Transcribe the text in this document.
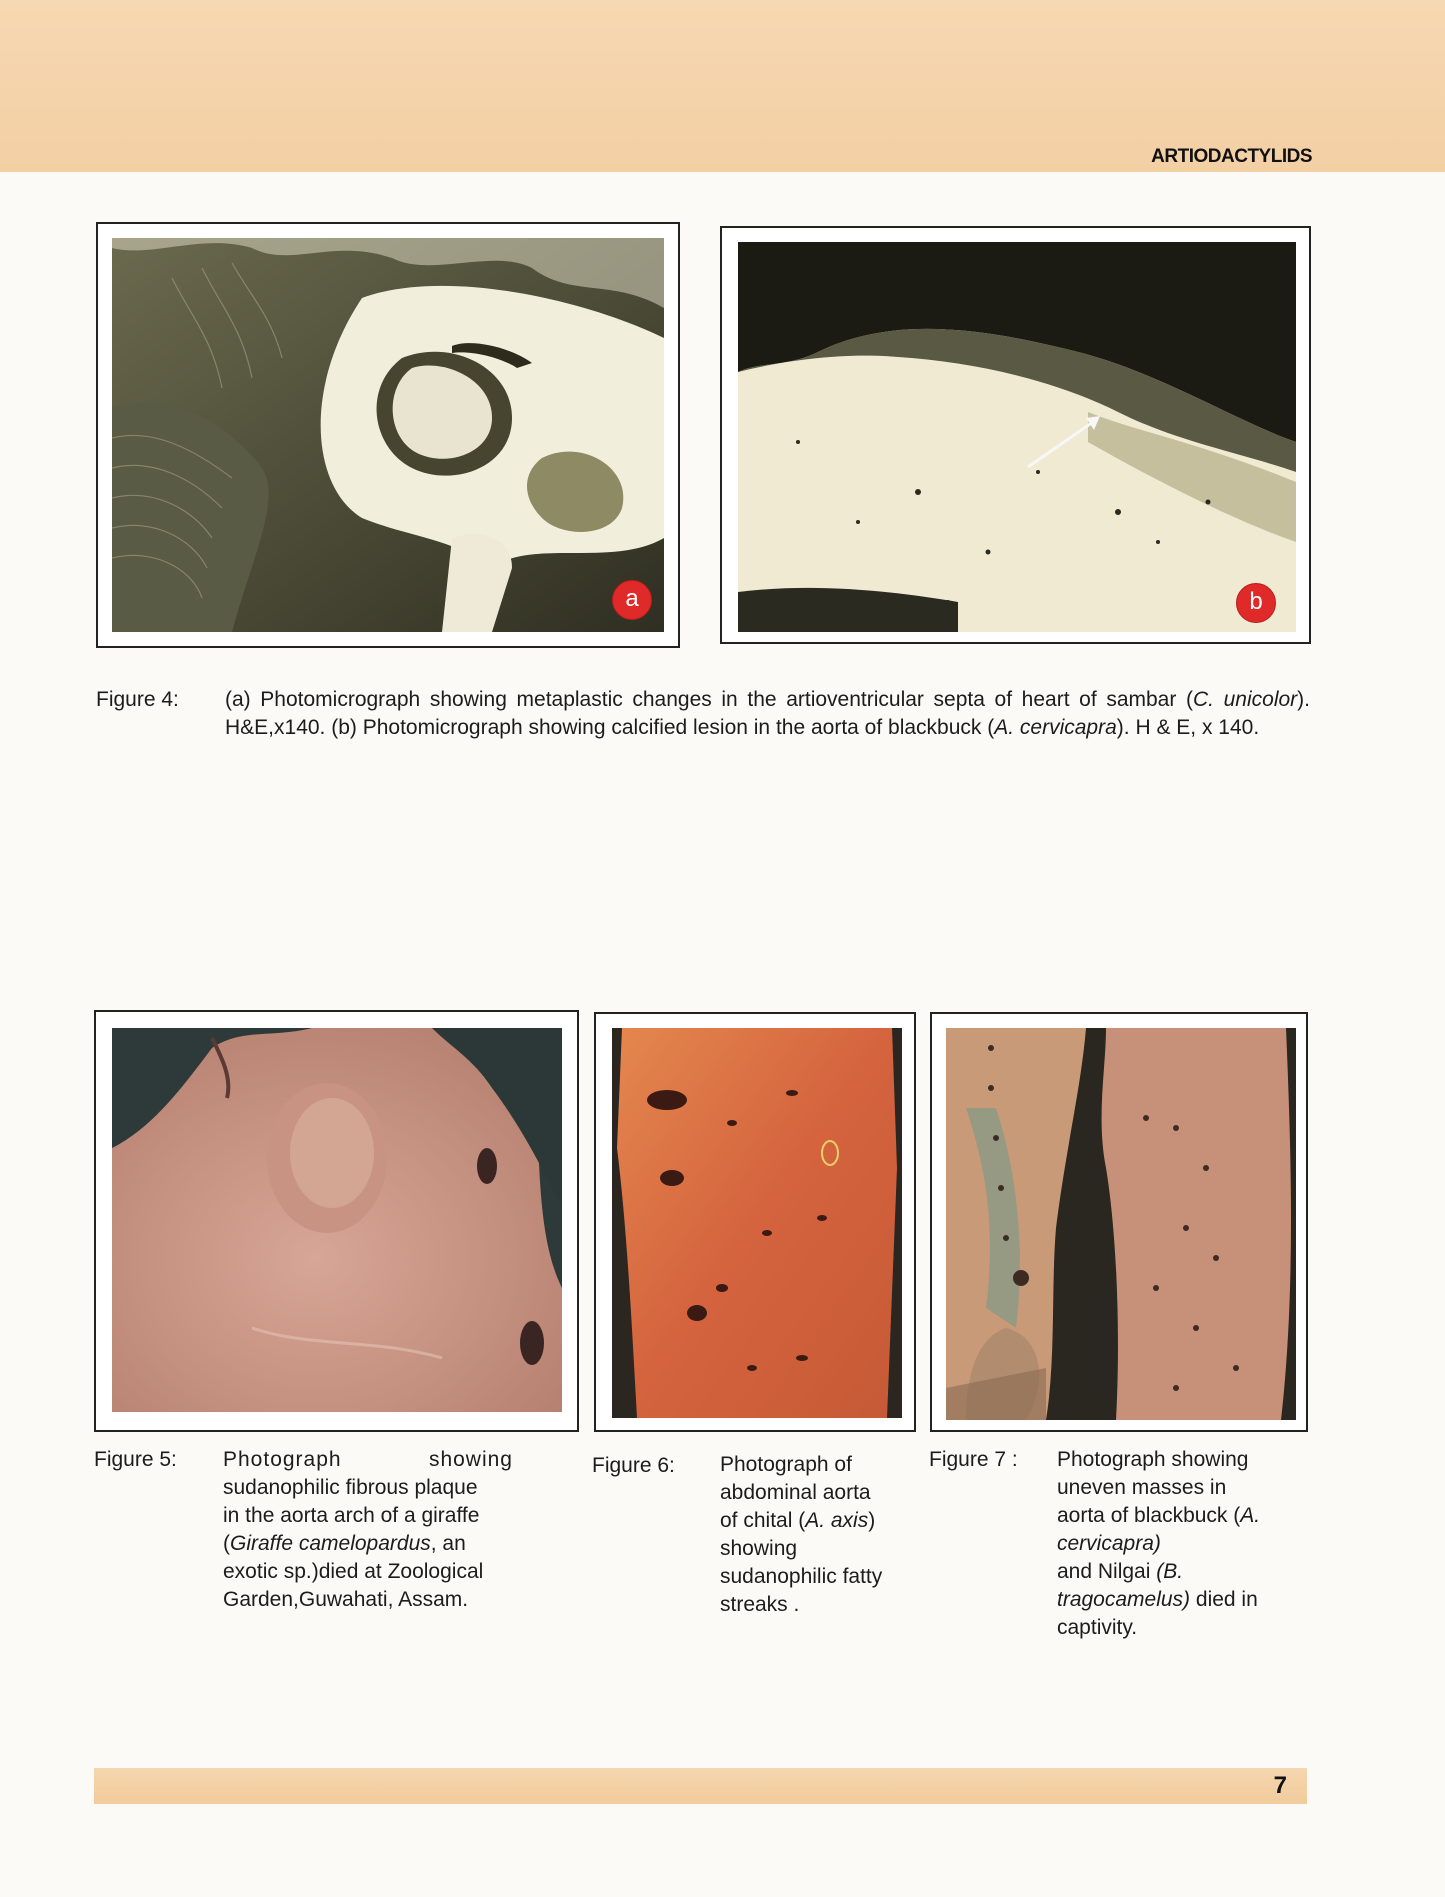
ARTIODACTYLIDS
a	b
Figure 4: (a) Photomicrograph showing metaplastic changes in the artioventricular septa of heart of sambar (C. unicolor). H&E,x140. (b) Photomicrograph showing calcified lesion in the aorta of blackbuck (A. cervicapra). H & E, x 140.
Figure 5: Photograph	showing
sudanophilic fibrous plaque
in the aorta arch of a giraffe
(Giraffe camelopardus, an
exotic sp.)died at Zoological
Garden,Guwahati, Assam.
Figure 6: Photograph of
abdominal aorta
of chital (A. axis)
showing
sudanophilic fatty
streaks .
Figure 7 : Photograph showing
uneven masses in
aorta of blackbuck (A.
cervicapra)
and Nilgai (B.
tragocamelus) died in
captivity.
7
